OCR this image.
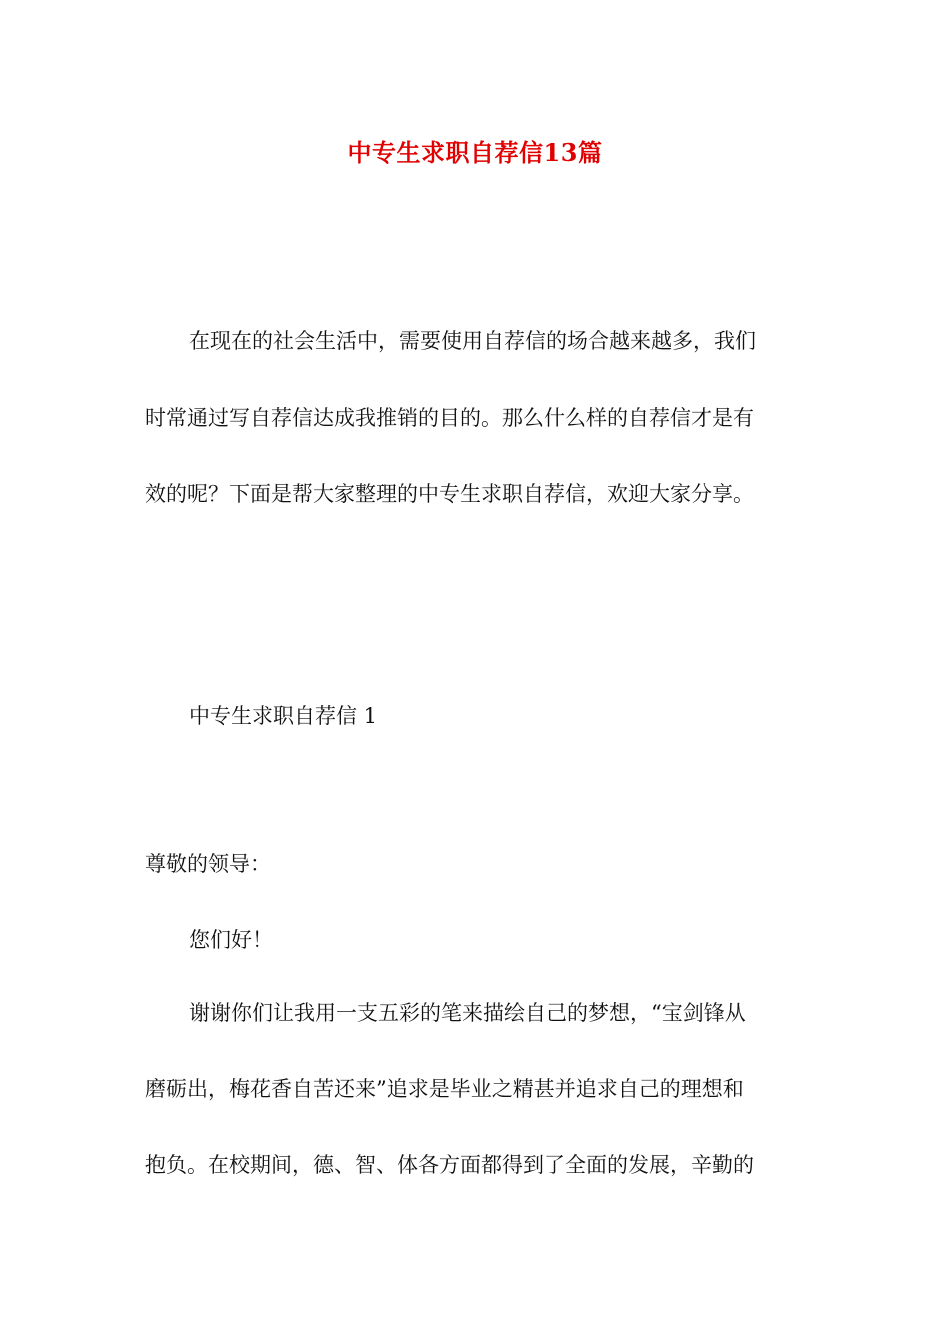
中专生求职自荐信13篇
在现在的社会生活中，需要使用自荐信的场合越来越多，我们
时常通过写自荐信达成我推销的目的。那么什么样的自荐信才是有
效的呢？下面是帮大家整理的中专生求职自荐信，欢迎大家分享。
中专生求职自荐信 1
尊敬的领导：
您们好！
谢谢你们让我用一支五彩的笔来描绘自己的梦想，“宝剑锋从
磨砺出，梅花香自苦还来”追求是毕业之精甚并追求自己的理想和
抱负。在校期间，德、智、体各方面都得到了全面的发展，辛勤的
